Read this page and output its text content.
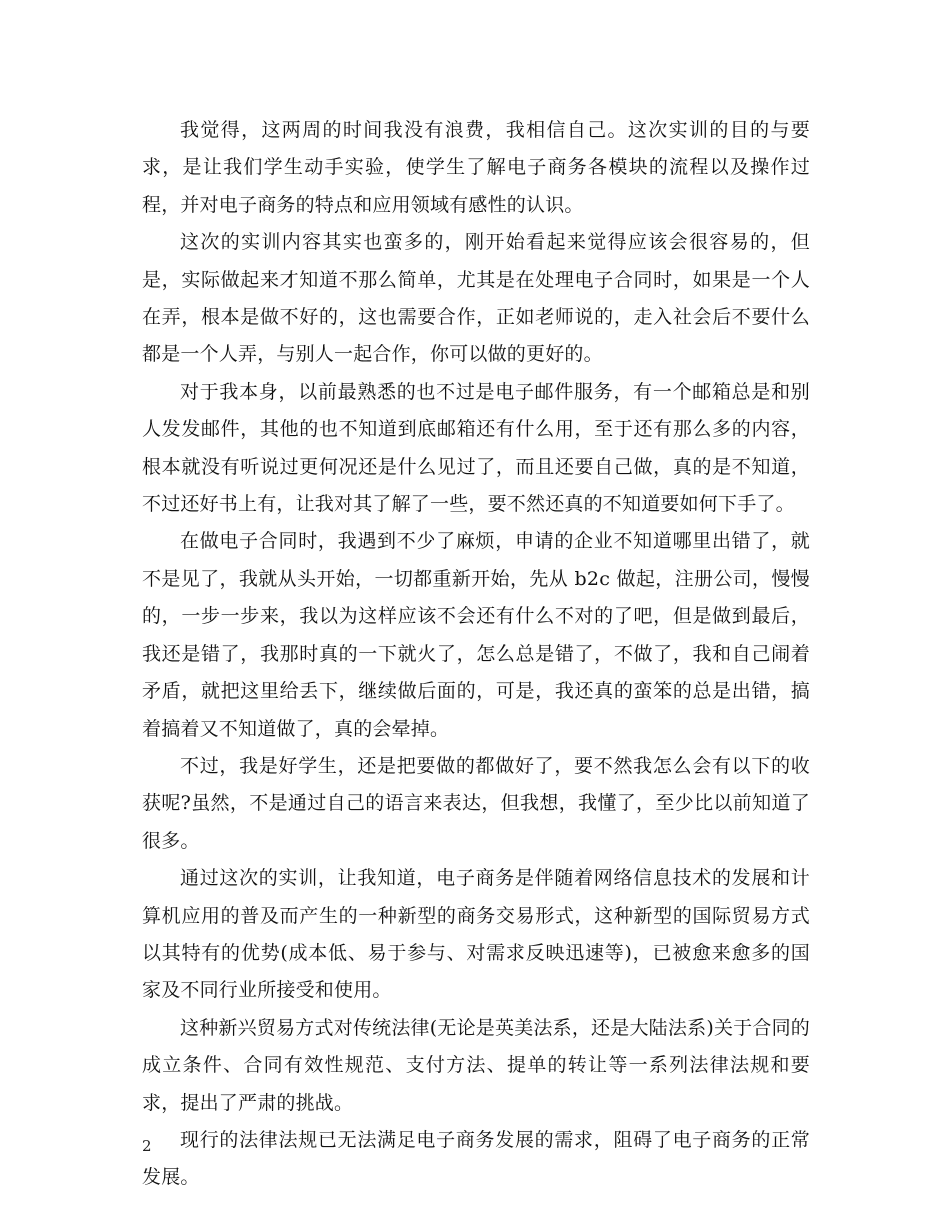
我觉得，这两周的时间我没有浪费，我相信自己。这次实训的目的与要求，是让我们学生动手实验，使学生了解电子商务各模块的流程以及操作过程，并对电子商务的特点和应用领域有感性的认识。

这次的实训内容其实也蛮多的，刚开始看起来觉得应该会很容易的，但是，实际做起来才知道不那么简单，尤其是在处理电子合同时，如果是一个人在弄，根本是做不好的，这也需要合作，正如老师说的，走入社会后不要什么都是一个人弄，与别人一起合作，你可以做的更好的。

对于我本身，以前最熟悉的也不过是电子邮件服务，有一个邮箱总是和别人发发邮件，其他的也不知道到底邮箱还有什么用，至于还有那么多的内容，根本就没有听说过更何况还是什么见过了，而且还要自己做，真的是不知道，不过还好书上有，让我对其了解了一些，要不然还真的不知道要如何下手了。

在做电子合同时，我遇到不少了麻烦，申请的企业不知道哪里出错了，就不是见了，我就从头开始，一切都重新开始，先从 b2c 做起，注册公司，慢慢的，一步一步来，我以为这样应该不会还有什么不对的了吧，但是做到最后，我还是错了，我那时真的一下就火了，怎么总是错了，不做了，我和自己闹着矛盾，就把这里给丢下，继续做后面的，可是，我还真的蛮笨的总是出错，搞着搞着又不知道做了，真的会晕掉。

不过，我是好学生，还是把要做的都做好了，要不然我怎么会有以下的收获呢?虽然，不是通过自己的语言来表达，但我想，我懂了，至少比以前知道了很多。

通过这次的实训，让我知道，电子商务是伴随着网络信息技术的发展和计算机应用的普及而产生的一种新型的商务交易形式，这种新型的国际贸易方式以其特有的优势(成本低、易于参与、对需求反映迅速等)，已被愈来愈多的国家及不同行业所接受和使用。

这种新兴贸易方式对传统法律(无论是英美法系，还是大陆法系)关于合同的成立条件、合同有效性规范、支付方法、提单的转让等一系列法律法规和要求，提出了严肃的挑战。

现行的法律法规已无法满足电子商务发展的需求，阻碍了电子商务的正常发展。

2
